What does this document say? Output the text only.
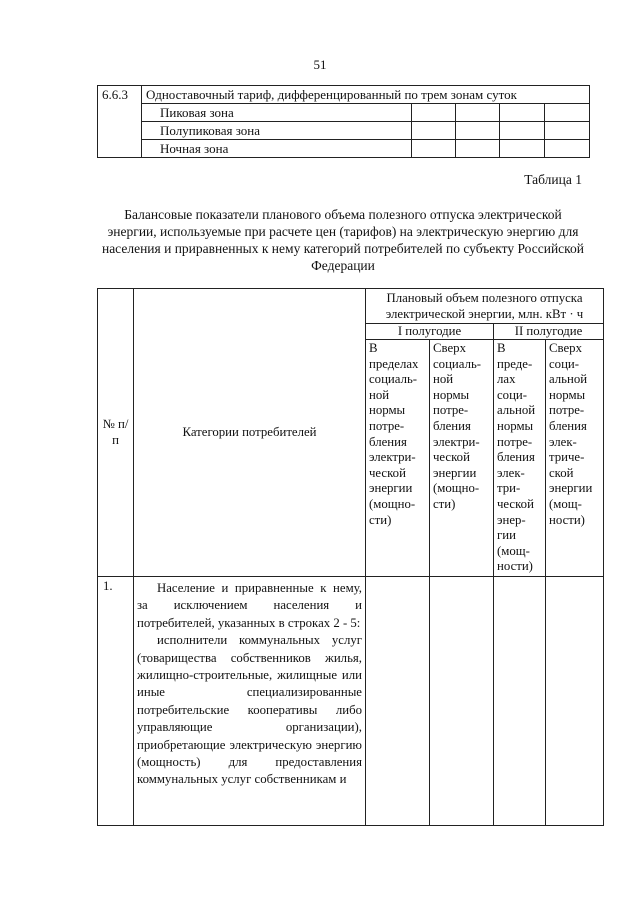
51
6.6.3	Одноставочный тариф, дифференцированный по трем зонам суток				
	Пиковая зона				
	Полупиковая зона				
	Ночная зона				
Таблица 1
Балансовые показатели планового объема полезного отпуска электрической энергии, используемые при расчете цен (тарифов) на электрическую энергию для населения и приравненных к нему категорий потребителей по субъекту Российской Федерации
№ п/п	Категории потребителей	Плановый объем полезного отпуска электрической энергии, млн. кВт · ч			
		I полугодие		II полугодие	
		В пределах социаль-ной нормы потре-бления электри-ческой энергии (мощно-сти)	Сверх социаль-ной нормы потре-бления электри-ческой энергии (мощно-сти)	В преде-лах соци-альной нормы потре-бления элек-три-ческой энер-гии (мощ-ности)	Сверх соци-альной нормы потре-бления элек-триче-ской энергии (мощ-ности)
1.	Население и приравненные к нему, за исключением населения и потребителей, указанных в строках 2 - 5:

исполнители коммунальных услуг (товарищества собственников жилья, жилищно-строительные, жилищные или иные специализированные потребительские кооперативы либо управляющие организации), приобретающие электрическую энергию (мощность) для предоставления коммунальных услуг собственникам и				
